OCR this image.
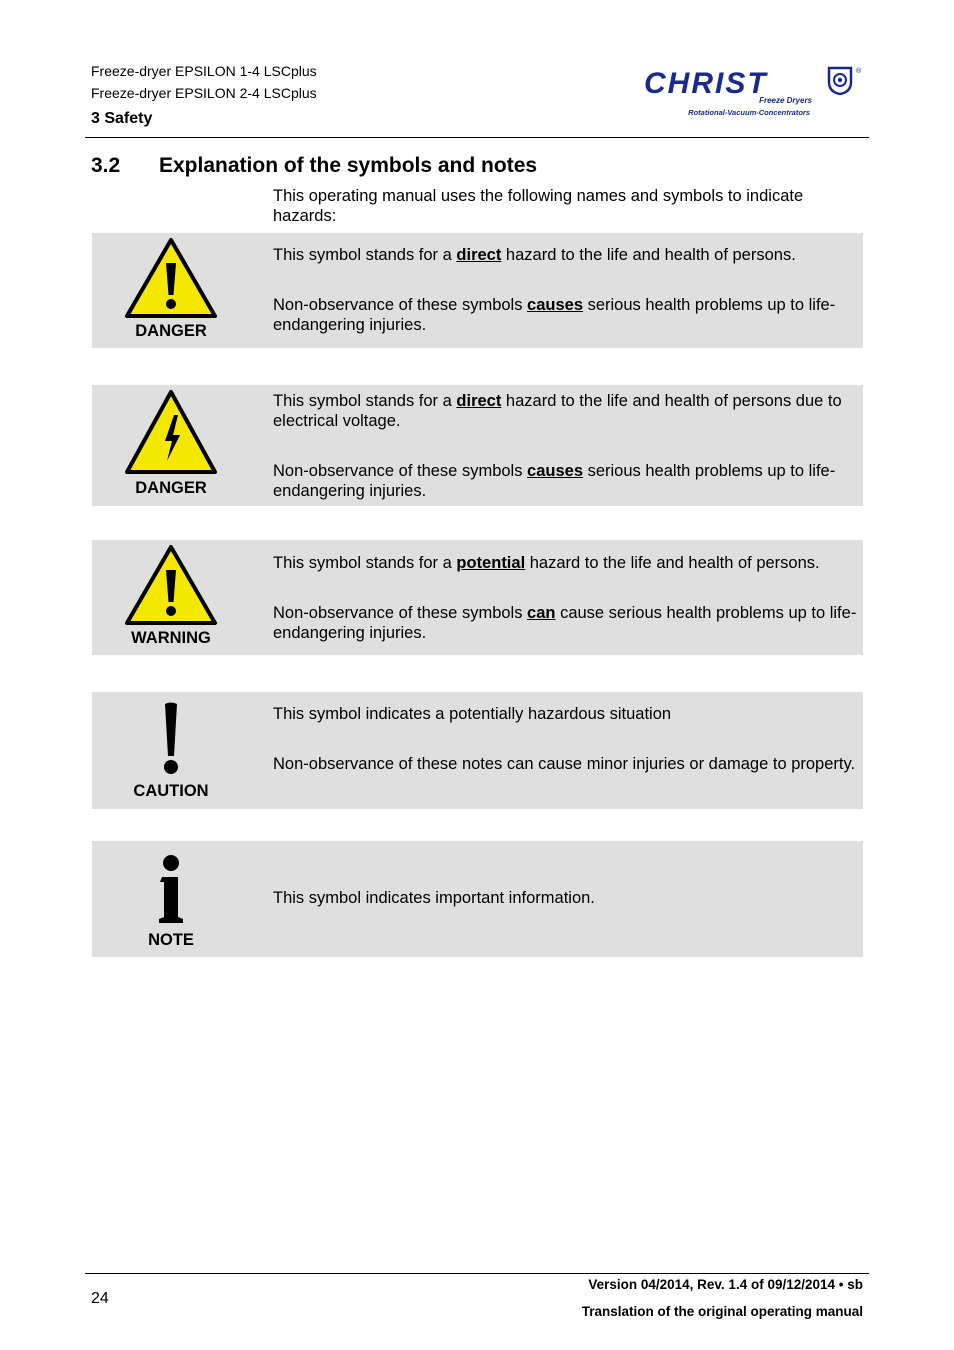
Freeze-dryer EPSILON 1-4 LSCplus
Freeze-dryer EPSILON 2-4 LSCplus
3 Safety
CHRIST	®
Freeze Dryers
Rotational-Vacuum-Concentrators
3.2 Explanation of the symbols and notes
This operating manual uses the following names and symbols to indicate hazards:
DANGER

This symbol stands for a direct hazard to the life and health of persons.

Non-observance of these symbols causes serious health problems up to life-endangering injuries.

DANGER

This symbol stands for a direct hazard to the life and health of persons due to electrical voltage.

Non-observance of these symbols causes serious health problems up to life-endangering injuries.

WARNING

This symbol stands for a potential hazard to the life and health of persons.

Non-observance of these symbols can cause serious health problems up to life-endangering injuries.

CAUTION

This symbol indicates a potentially hazardous situation

Non-observance of these notes can cause minor injuries or damage to property.

NOTE

This symbol indicates important information.

24
Version 04/2014, Rev. 1.4 of 09/12/2014 • sb
Translation of the original operating manual
